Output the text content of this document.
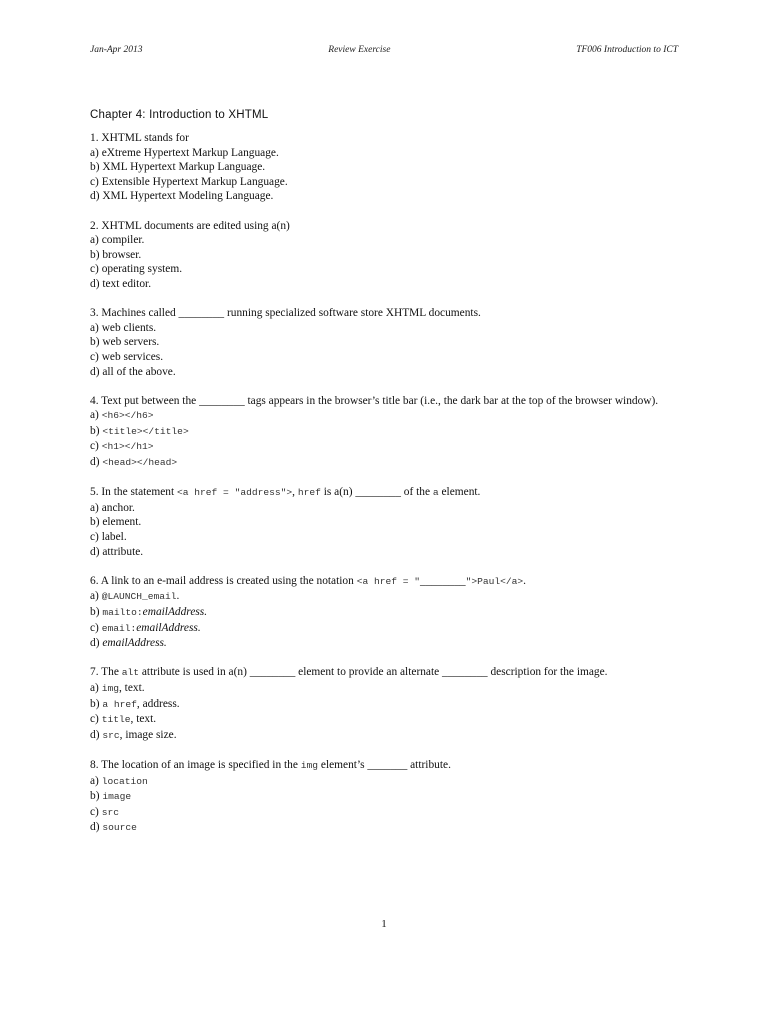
Jan-Apr 2013	Review Exercise	TF006 Introduction to ICT
Chapter 4: Introduction to XHTML

1. XHTML stands for

a) eXtreme Hypertext Markup Language.

b) XML Hypertext Markup Language.

c) Extensible Hypertext Markup Language.

d) XML Hypertext Modeling Language.

2. XHTML documents are edited using a(n)

a) compiler.

b) browser.

c) operating system.

d) text editor.

3. Machines called ________ running specialized software store XHTML documents.

a) web clients.

b) web servers.

c) web services.

d) all of the above.

4. Text put between the ________ tags appears in the browser’s title bar (i.e., the dark bar at the top of the browser window).

a) <h6></h6>

b) <title></title>

c) <h1></h1>

d) <head></head>

5. In the statement <a href = "address">, href is a(n) ________ of the a element.

a) anchor.

b) element.

c) label.

d) attribute.

6. A link to an e-mail address is created using the notation <a href = "________">Paul</a>.

a) @LAUNCH_email.

b) mailto:emailAddress.

c) email:emailAddress.

d) emailAddress.

7. The alt attribute is used in a(n) ________ element to provide an alternate ________ description for the image.

a) img, text.

b) a href, address.

c) title, text.

d) src, image size.

8. The location of an image is specified in the img element’s _______ attribute.

a) location

b) image

c) src

d) source

1
